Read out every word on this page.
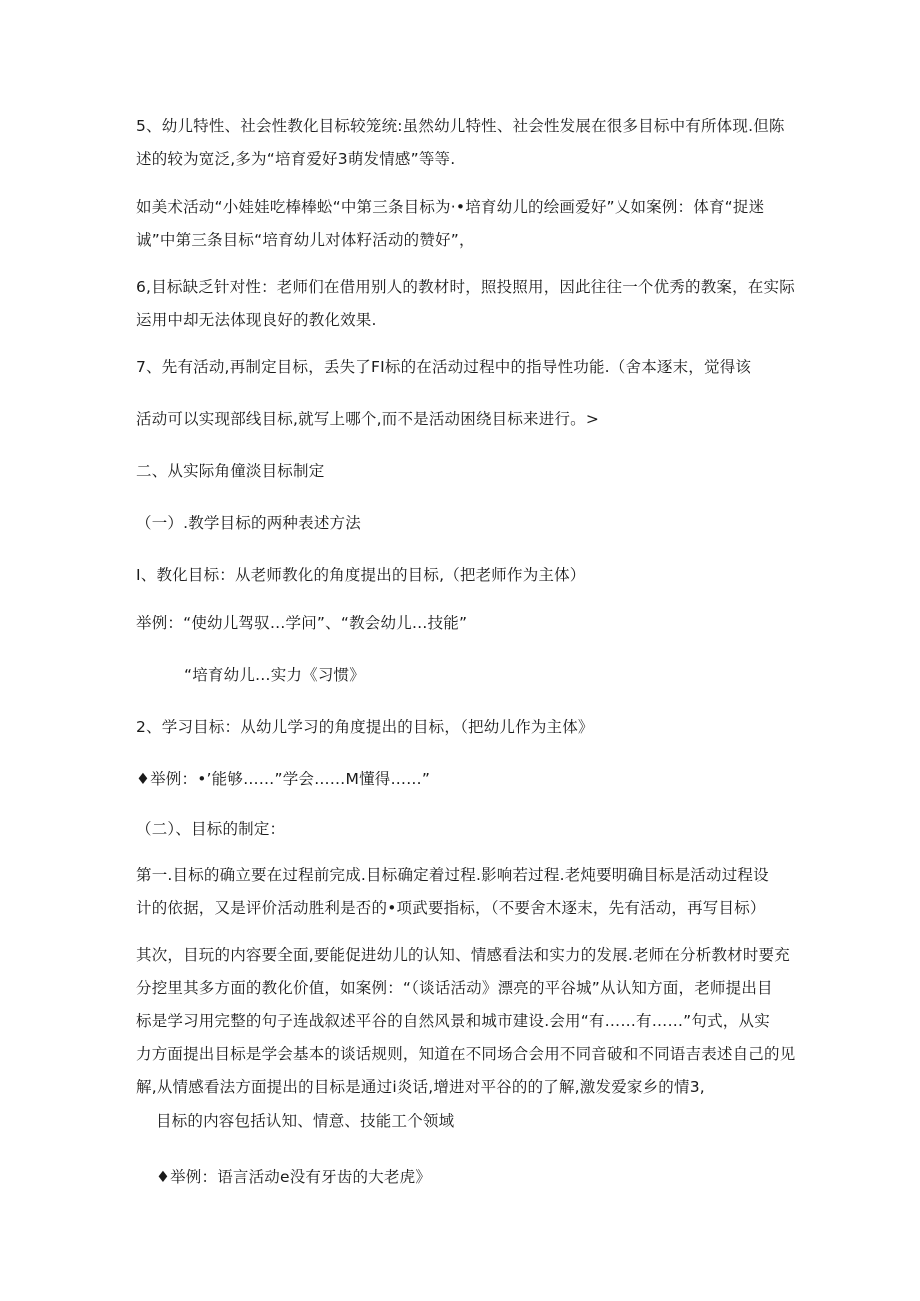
5、幼儿特性、社会性教化目标较笼统:虽然幼儿特性、社会性发展在很多目标中有所体现.但陈
述的较为宽泛,多为“培育爱好3萌发情感”等等.

如美术活动“小娃娃吃棒棒蚣“中第三条目标为·•培育幼儿的绘画爱好”乂如案例：体育“捉迷
诚”中第三条目标“培育幼儿对体籽活动的赞好”，

6,目标缺乏针对性：老师们在借用别人的教材时，照投照用，因此往往一个优秀的教案，在实际
运用中却无法体现良好的教化效果.

7、先有活动,再制定目标，丢失了FI标的在活动过程中的指导性功能.（舍本逐末，觉得该

活动可以实现部线目标,就写上哪个,而不是活动困绕目标来进行。>

二、从实际角僮淡目标制定

（一）.教学目标的两种表述方法

I、教化目标：从老师教化的角度提出的目标,（把老师作为主体）

举例：“使幼儿驾驭…学问”、“教会幼儿…技能”

“培育幼儿…实力《习惯》

2、学习目标：从幼儿学习的角度提出的目标，（把幼儿作为主体》

♦举例：•’能够……”学会……M懂得……”

（二）、目标的制定：

第一.目标的确立要在过程前完成.目标确定着过程.影响若过程.老炖要明确目标是活动过程设
计的依据，又是评价活动胜利是否的•项武要指标，（不要舍木逐末，先有活动，再写目标）

其次，目玩的内容要全面,要能促进幼儿的认知、情感看法和实力的发展.老师在分析教材时要充
分挖里其多方面的教化价值，如案例：“（谈话活动》漂亮的平谷城”从认知方面，老师提出目
标是学习用完整的句子连战叙述平谷的自然风景和城市建设.会用“有……有……”句式，从实
力方面提出目标是学会基本的谈话规则，知道在不同场合会用不同音破和不同语吉表述自己的见
解,从情感看法方面提出的目标是通过i炎话,增进对平谷的的了解,激发爱家乡的情3,

目标的内容包括认知、情意、技能工个领域

♦举例：语言活动e没有牙齿的大老虎》
